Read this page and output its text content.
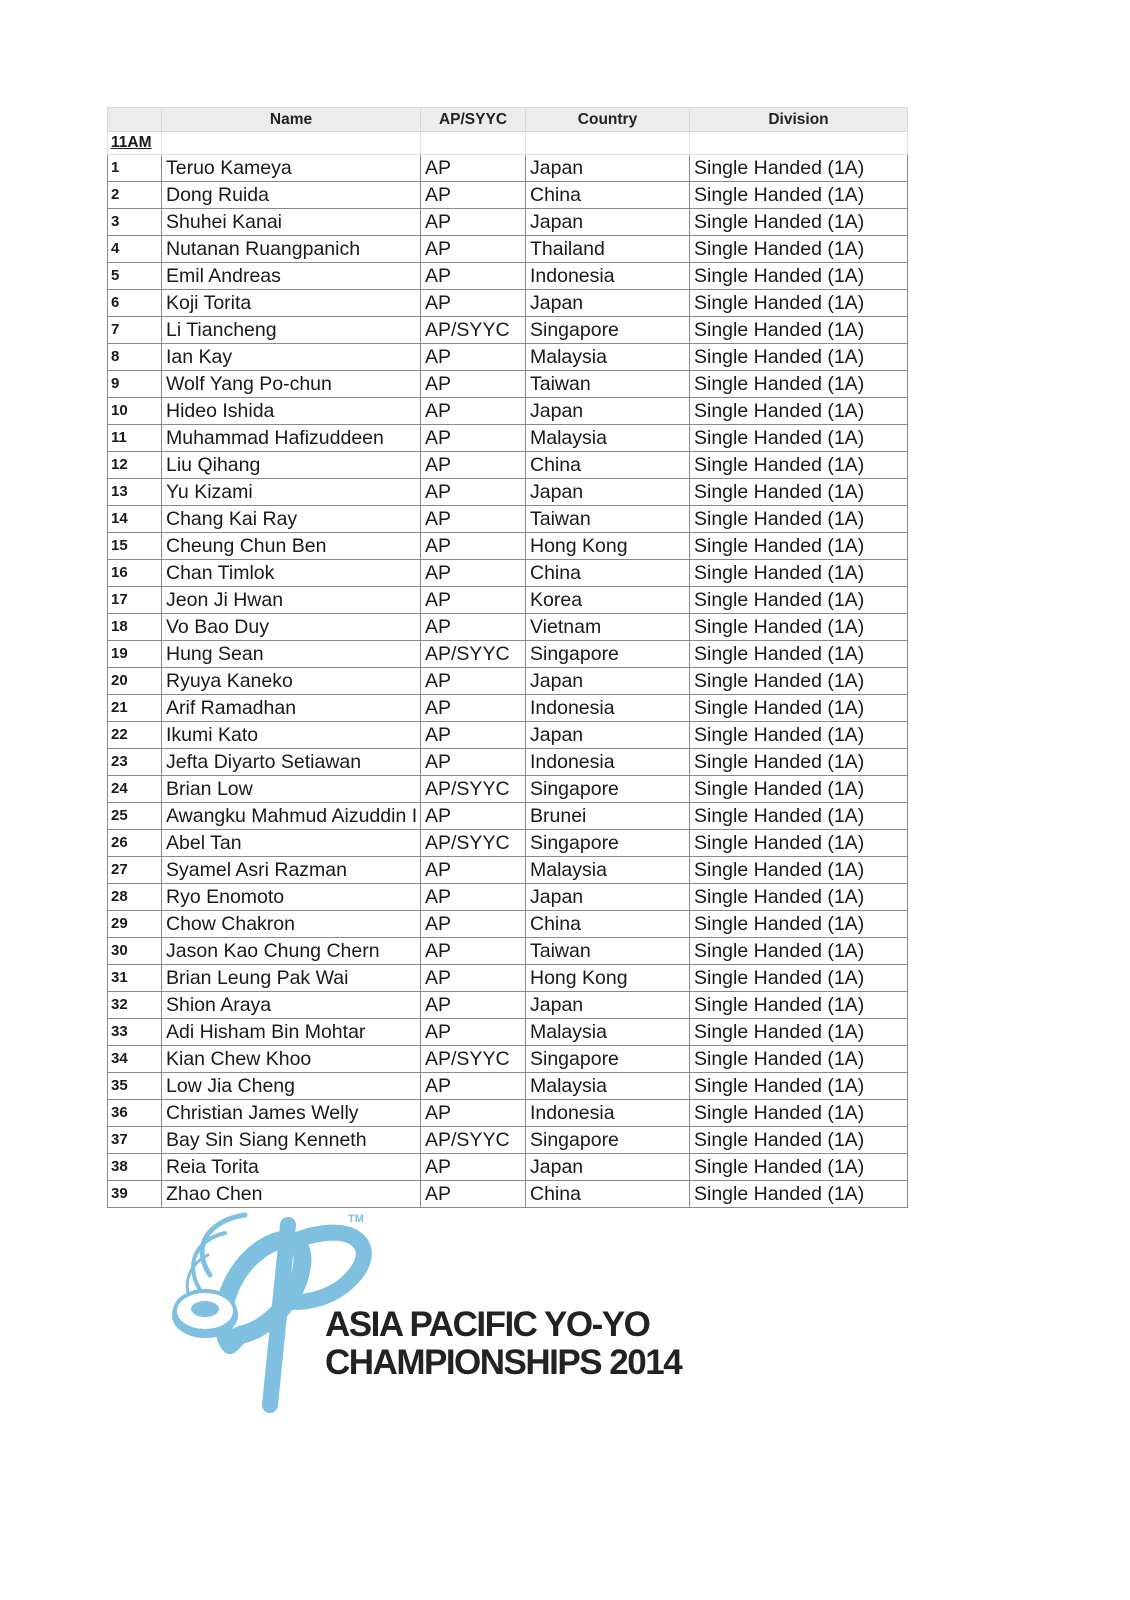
	Name	AP/SYYC	Country	Division
11AM				
1	Teruo Kameya	AP	Japan	Single Handed (1A)
2	Dong Ruida	AP	China	Single Handed (1A)
3	Shuhei Kanai	AP	Japan	Single Handed (1A)
4	Nutanan Ruangpanich	AP	Thailand	Single Handed (1A)
5	Emil Andreas	AP	Indonesia	Single Handed (1A)
6	Koji Torita	AP	Japan	Single Handed (1A)
7	Li Tiancheng	AP/SYYC	Singapore	Single Handed (1A)
8	Ian Kay	AP	Malaysia	Single Handed (1A)
9	Wolf Yang Po-chun	AP	Taiwan	Single Handed (1A)
10	Hideo Ishida	AP	Japan	Single Handed (1A)
11	Muhammad Hafizuddeen	AP	Malaysia	Single Handed (1A)
12	Liu Qihang	AP	China	Single Handed (1A)
13	Yu Kizami	AP	Japan	Single Handed (1A)
14	Chang Kai Ray	AP	Taiwan	Single Handed (1A)
15	Cheung Chun Ben	AP	Hong Kong	Single Handed (1A)
16	Chan Timlok	AP	China	Single Handed (1A)
17	Jeon Ji Hwan	AP	Korea	Single Handed (1A)
18	Vo Bao Duy	AP	Vietnam	Single Handed (1A)
19	Hung Sean	AP/SYYC	Singapore	Single Handed (1A)
20	Ryuya Kaneko	AP	Japan	Single Handed (1A)
21	Arif Ramadhan	AP	Indonesia	Single Handed (1A)
22	Ikumi Kato	AP	Japan	Single Handed (1A)
23	Jefta Diyarto Setiawan	AP	Indonesia	Single Handed (1A)
24	Brian Low	AP/SYYC	Singapore	Single Handed (1A)
25	Awangku Mahmud Aizuddin I	AP	Brunei	Single Handed (1A)
26	Abel Tan	AP/SYYC	Singapore	Single Handed (1A)
27	Syamel Asri Razman	AP	Malaysia	Single Handed (1A)
28	Ryo Enomoto	AP	Japan	Single Handed (1A)
29	Chow Chakron	AP	China	Single Handed (1A)
30	Jason Kao Chung Chern	AP	Taiwan	Single Handed (1A)
31	Brian Leung Pak Wai	AP	Hong Kong	Single Handed (1A)
32	Shion Araya	AP	Japan	Single Handed (1A)
33	Adi Hisham Bin Mohtar	AP	Malaysia	Single Handed (1A)
34	Kian Chew Khoo	AP/SYYC	Singapore	Single Handed (1A)
35	Low Jia Cheng	AP	Malaysia	Single Handed (1A)
36	Christian James Welly	AP	Indonesia	Single Handed (1A)
37	Bay Sin Siang Kenneth	AP/SYYC	Singapore	Single Handed (1A)
38	Reia Torita	AP	Japan	Single Handed (1A)
39	Zhao Chen	AP	China	Single Handed (1A)
TM
ASIA PACIFIC YO-YO
CHAMPIONSHIPS 2014
